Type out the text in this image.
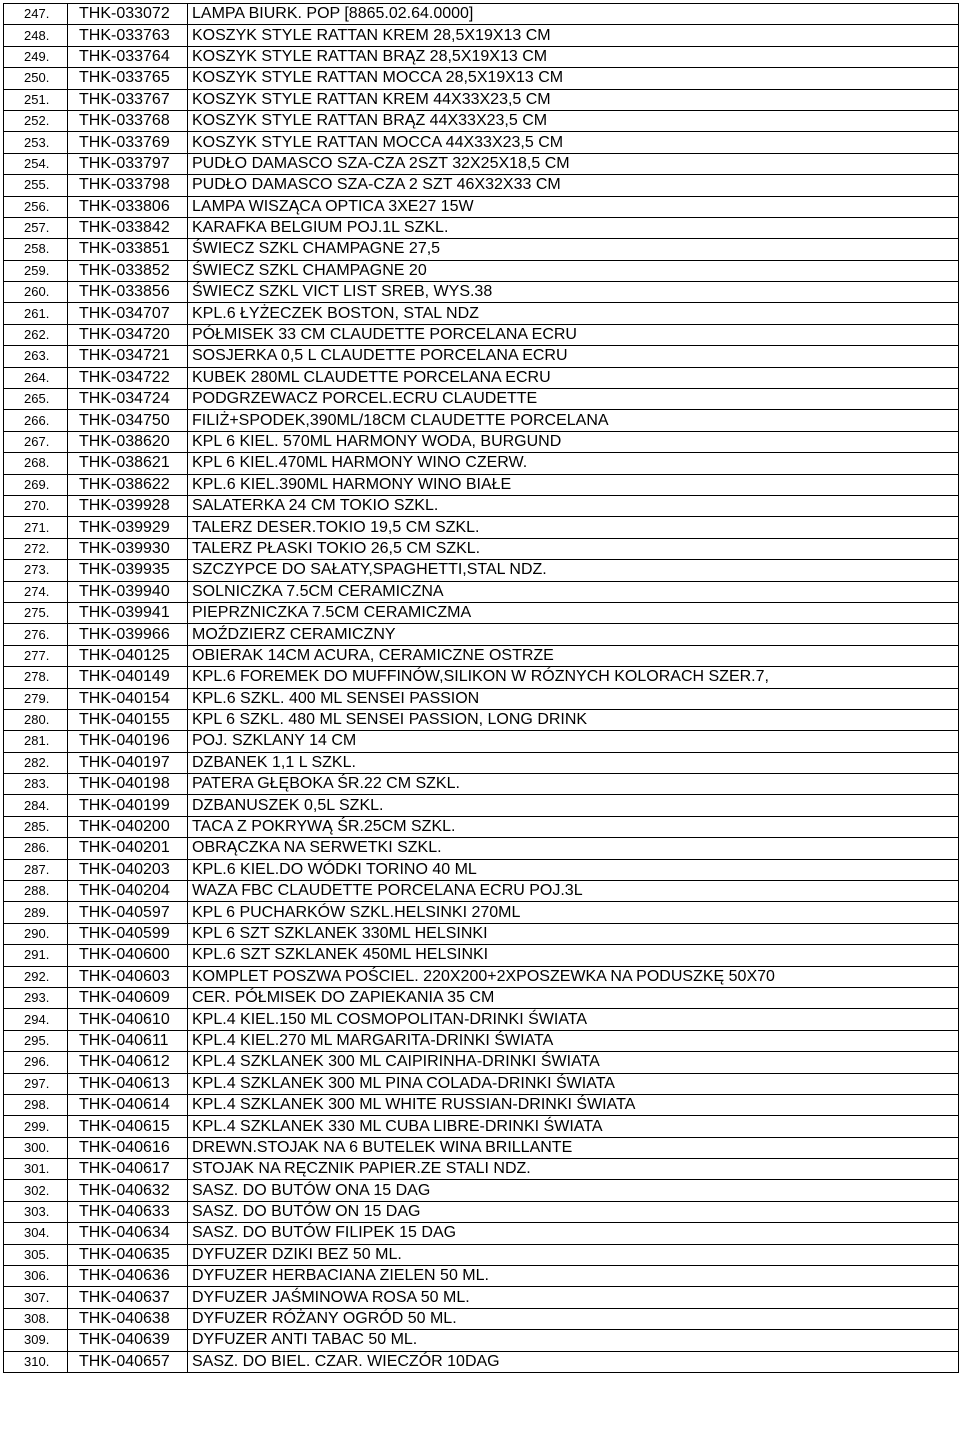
247.	THK-033072	LAMPA BIURK. POP [8865.02.64.0000]
248.	THK-033763	KOSZYK STYLE RATTAN KREM 28,5X19X13 CM
249.	THK-033764	KOSZYK STYLE RATTAN BRĄZ 28,5X19X13 CM
250.	THK-033765	KOSZYK STYLE RATTAN MOCCA 28,5X19X13 CM
251.	THK-033767	KOSZYK STYLE RATTAN KREM 44X33X23,5 CM
252.	THK-033768	KOSZYK STYLE RATTAN BRĄZ 44X33X23,5 CM
253.	THK-033769	KOSZYK STYLE RATTAN MOCCA 44X33X23,5 CM
254.	THK-033797	PUDŁO DAMASCO SZA-CZA 2SZT 32X25X18,5 CM
255.	THK-033798	PUDŁO DAMASCO SZA-CZA 2 SZT 46X32X33 CM
256.	THK-033806	LAMPA WISZĄCA OPTICA 3XE27 15W
257.	THK-033842	KARAFKA BELGIUM POJ.1L SZKL.
258.	THK-033851	ŚWIECZ SZKL CHAMPAGNE 27,5
259.	THK-033852	ŚWIECZ SZKL CHAMPAGNE 20
260.	THK-033856	ŚWIECZ SZKL VICT LIST SREB, WYS.38
261.	THK-034707	KPL.6 ŁYŻECZEK BOSTON, STAL NDZ
262.	THK-034720	PÓŁMISEK 33 CM CLAUDETTE PORCELANA ECRU
263.	THK-034721	SOSJERKA 0,5 L CLAUDETTE PORCELANA ECRU
264.	THK-034722	KUBEK 280ML CLAUDETTE PORCELANA ECRU
265.	THK-034724	PODGRZEWACZ PORCEL.ECRU CLAUDETTE
266.	THK-034750	FILIŻ+SPODEK,390ML/18CM CLAUDETTE PORCELANA
267.	THK-038620	KPL 6 KIEL. 570ML HARMONY WODA, BURGUND
268.	THK-038621	KPL 6 KIEL.470ML HARMONY WINO CZERW.
269.	THK-038622	KPL.6 KIEL.390ML HARMONY WINO BIAŁE
270.	THK-039928	SALATERKA 24 CM TOKIO SZKL.
271.	THK-039929	TALERZ DESER.TOKIO 19,5 CM SZKL.
272.	THK-039930	TALERZ PŁASKI TOKIO 26,5 CM SZKL.
273.	THK-039935	SZCZYPCE DO SAŁATY,SPAGHETTI,STAL NDZ.
274.	THK-039940	SOLNICZKA 7.5CM CERAMICZNA
275.	THK-039941	PIEPRZNICZKA 7.5CM CERAMICZMA
276.	THK-039966	MOŹDZIERZ CERAMICZNY
277.	THK-040125	OBIERAK 14CM ACURA, CERAMICZNE OSTRZE
278.	THK-040149	KPL.6 FOREMEK DO MUFFINÓW,SILIKON W RÓZNYCH KOLORACH SZER.7,
279.	THK-040154	KPL.6 SZKL. 400 ML SENSEI PASSION
280.	THK-040155	KPL 6 SZKL. 480 ML SENSEI PASSION, LONG DRINK
281.	THK-040196	POJ. SZKLANY 14 CM
282.	THK-040197	DZBANEK 1,1 L SZKL.
283.	THK-040198	PATERA GŁĘBOKA ŚR.22 CM SZKL.
284.	THK-040199	DZBANUSZEK 0,5L SZKL.
285.	THK-040200	TACA Z POKRYWĄ ŚR.25CM SZKL.
286.	THK-040201	OBRĄCZKA NA SERWETKI SZKL.
287.	THK-040203	KPL.6 KIEL.DO WÓDKI TORINO 40 ML
288.	THK-040204	WAZA FBC CLAUDETTE PORCELANA ECRU POJ.3L
289.	THK-040597	KPL 6 PUCHARKÓW SZKL.HELSINKI 270ML
290.	THK-040599	KPL 6 SZT SZKLANEK 330ML HELSINKI
291.	THK-040600	KPL.6 SZT SZKLANEK 450ML HELSINKI
292.	THK-040603	KOMPLET POSZWA POŚCIEL. 220X200+2XPOSZEWKA NA PODUSZKĘ 50X70
293.	THK-040609	CER. PÓŁMISEK DO ZAPIEKANIA 35 CM
294.	THK-040610	KPL.4 KIEL.150 ML COSMOPOLITAN-DRINKI ŚWIATA
295.	THK-040611	KPL.4 KIEL.270 ML MARGARITA-DRINKI ŚWIATA
296.	THK-040612	KPL.4 SZKLANEK 300 ML CAIPIRINHA-DRINKI ŚWIATA
297.	THK-040613	KPL.4 SZKLANEK 300 ML PINA COLADA-DRINKI ŚWIATA
298.	THK-040614	KPL.4 SZKLANEK 300 ML WHITE RUSSIAN-DRINKI ŚWIATA
299.	THK-040615	KPL.4 SZKLANEK 330 ML CUBA LIBRE-DRINKI ŚWIATA
300.	THK-040616	DREWN.STOJAK NA 6 BUTELEK WINA BRILLANTE
301.	THK-040617	STOJAK NA RĘCZNIK PAPIER.ZE STALI NDZ.
302.	THK-040632	SASZ. DO BUTÓW ONA 15 DAG
303.	THK-040633	SASZ. DO BUTÓW ON 15 DAG
304.	THK-040634	SASZ. DO BUTÓW FILIPEK 15 DAG
305.	THK-040635	DYFUZER DZIKI BEZ 50 ML.
306.	THK-040636	DYFUZER HERBACIANA ZIELEN 50 ML.
307.	THK-040637	DYFUZER JAŚMINOWA ROSA 50 ML.
308.	THK-040638	DYFUZER RÓŻANY OGRÓD 50 ML.
309.	THK-040639	DYFUZER ANTI TABAC 50 ML.
310.	THK-040657	SASZ. DO BIEL. CZAR. WIECZÓR 10DAG
